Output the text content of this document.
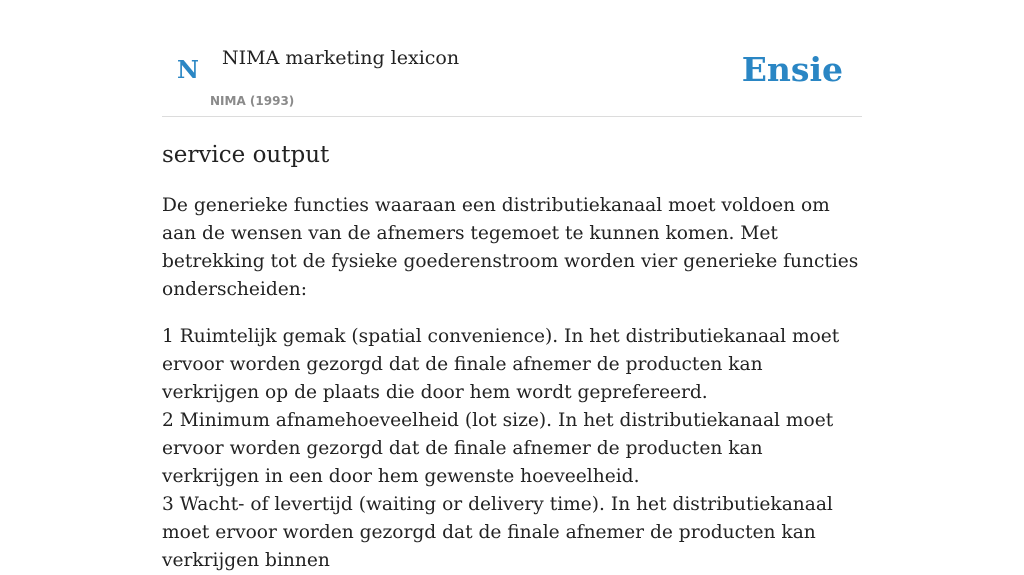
N NIMA marketing lexicon
NIMA (1993)
Ensie
service output

De generieke functies waaraan een distributiekanaal moet voldoen om aan de wensen van de afnemers tegemoet te kunnen komen. Met betrekking tot de fysieke goederenstroom worden vier generieke functies onderscheiden:

1 Ruimtelijk gemak (spatial convenience). In het distributiekanaal moet ervoor worden gezorgd dat de finale afnemer de producten kan verkrijgen op de plaats die door hem wordt geprefereerd.

2 Minimum afnamehoeveelheid (lot size). In het distributiekanaal moet ervoor worden gezorgd dat de finale afnemer de producten kan verkrijgen in een door hem gewenste hoeveelheid.

3 Wacht- of levertijd (waiting or delivery time). In het distributiekanaal moet ervoor worden gezorgd dat de finale afnemer de producten kan verkrijgen binnen
